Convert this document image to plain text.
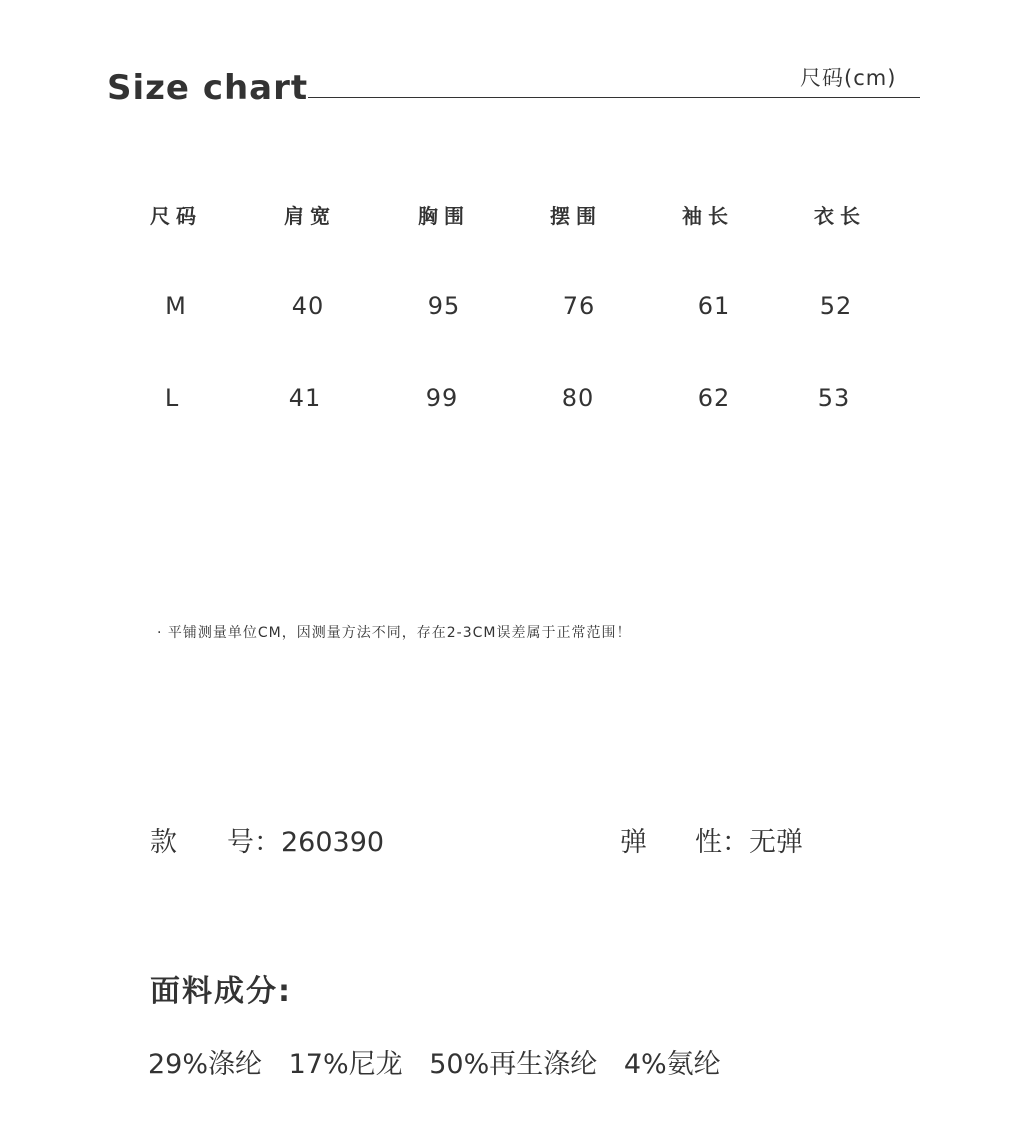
Size chart	尺码(cm)
尺码	肩宽	胸围	摆围	袖长	衣长
M	40	95	76	61	52
L	41	99	80	62	53
· 平铺测量单位CM，因测量方法不同，存在2-3CM误差属于正常范围！
款 号：260390	弹 性：无弹
面料成分:
29%涤纶 17%尼龙 50%再生涤纶 4%氨纶
